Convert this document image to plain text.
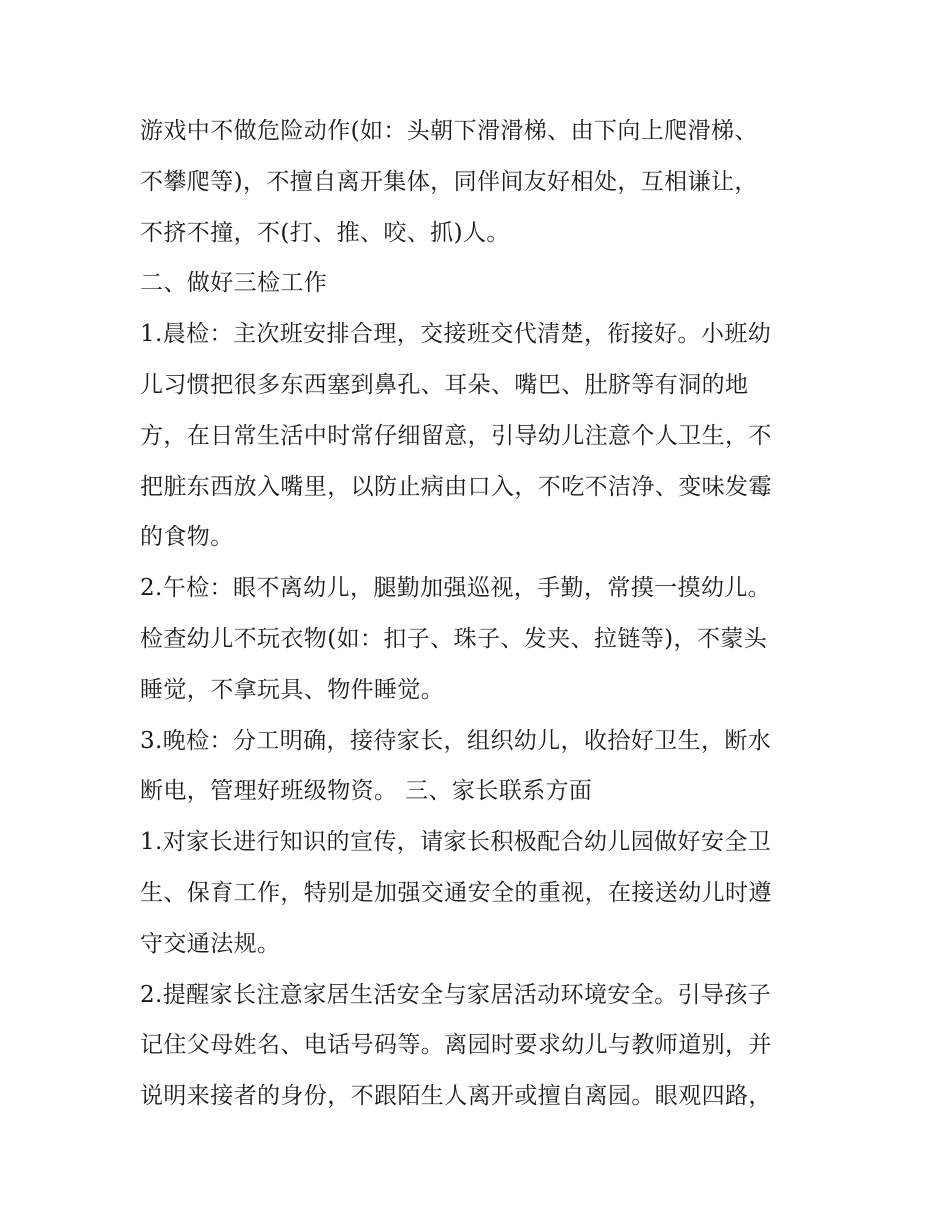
游戏中不做危险动作(如：头朝下滑滑梯、由下向上爬滑梯、
不攀爬等)，不擅自离开集体，同伴间友好相处，互相谦让，
不挤不撞，不(打、推、咬、抓)人。
二、做好三检工作
1.晨检：主次班安排合理，交接班交代清楚，衔接好。小班幼
儿习惯把很多东西塞到鼻孔、耳朵、嘴巴、肚脐等有洞的地
方，在日常生活中时常仔细留意，引导幼儿注意个人卫生，不
把脏东西放入嘴里，以防止病由口入，不吃不洁净、变味发霉
的食物。
2.午检：眼不离幼儿，腿勤加强巡视，手勤，常摸一摸幼儿。
检查幼儿不玩衣物(如：扣子、珠子、发夹、拉链等)，不蒙头
睡觉，不拿玩具、物件睡觉。
3.晚检：分工明确，接待家长，组织幼儿，收拾好卫生，断水
断电，管理好班级物资。 三、家长联系方面
1.对家长进行知识的宣传，请家长积极配合幼儿园做好安全卫
生、保育工作，特别是加强交通安全的重视，在接送幼儿时遵
守交通法规。
2.提醒家长注意家居生活安全与家居活动环境安全。引导孩子
记住父母姓名、电话号码等。离园时要求幼儿与教师道别，并
说明来接者的身份，不跟陌生人离开或擅自离园。眼观四路，
